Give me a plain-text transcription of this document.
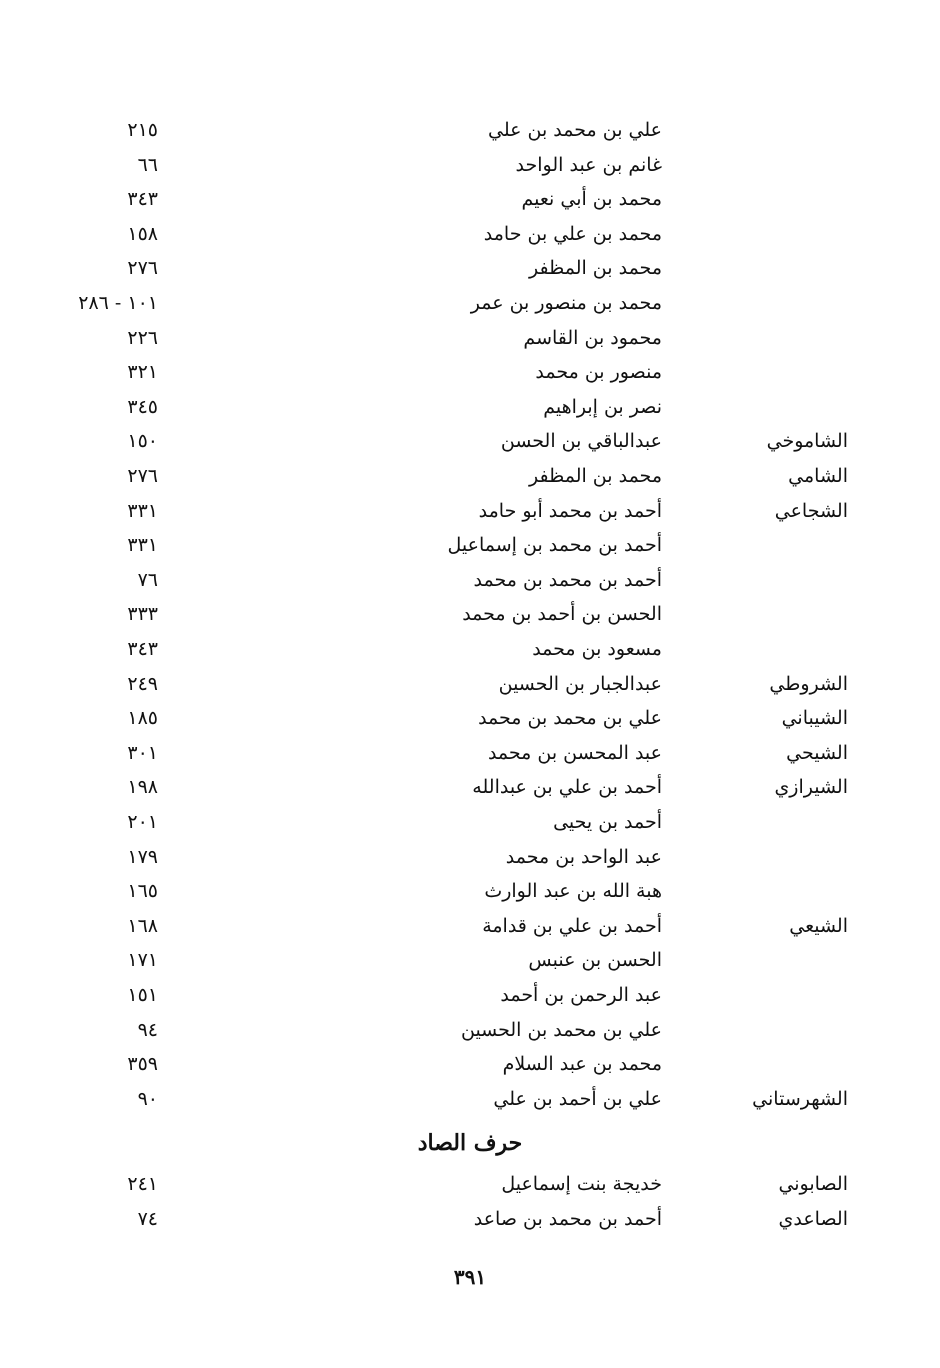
علي بن محمد بن علي
٢١٥
غانم بن عبد الواحد
٦٦
محمد بن أبي نعيم
٣٤٣
محمد بن علي بن حامد
١٥٨
محمد بن المظفر
٢٧٦
محمد بن منصور بن عمر
١٠١ - ٢٨٦
محمود بن القاسم
٢٢٦
منصور بن محمد
٣٢١
نصر بن إبراهيم
٣٤٥
الشاموخي
عبدالباقي بن الحسن
١٥٠
الشامي
محمد بن المظفر
٢٧٦
الشجاعي
أحمد بن محمد أبو حامد
٣٣١
أحمد بن محمد بن إسماعيل
٣٣١
أحمد بن محمد بن محمد
٧٦
الحسن بن أحمد بن محمد
٣٣٣
مسعود بن محمد
٣٤٣
الشروطي
عبدالجبار بن الحسين
٢٤٩
الشيباني
علي بن محمد بن محمد
١٨٥
الشيحي
عبد المحسن بن محمد
٣٠١
الشيرازي
أحمد بن علي بن عبدالله
١٩٨
أحمد بن يحيى
٢٠١
عبد الواحد بن محمد
١٧٩
هبة الله بن عبد الوارث
١٦٥
الشيعي
أحمد بن علي بن قدامة
١٦٨
الحسن بن عنبس
١٧١
عبد الرحمن بن أحمد
١٥١
علي بن محمد بن الحسين
٩٤
محمد بن عبد السلام
٣٥٩
الشهرستاني
علي بن أحمد بن علي
٩٠
حرف الصاد
الصابوني
خديجة بنت إسماعيل
٢٤١
الصاعدي
أحمد بن محمد بن صاعد
٧٤
٣٩١
